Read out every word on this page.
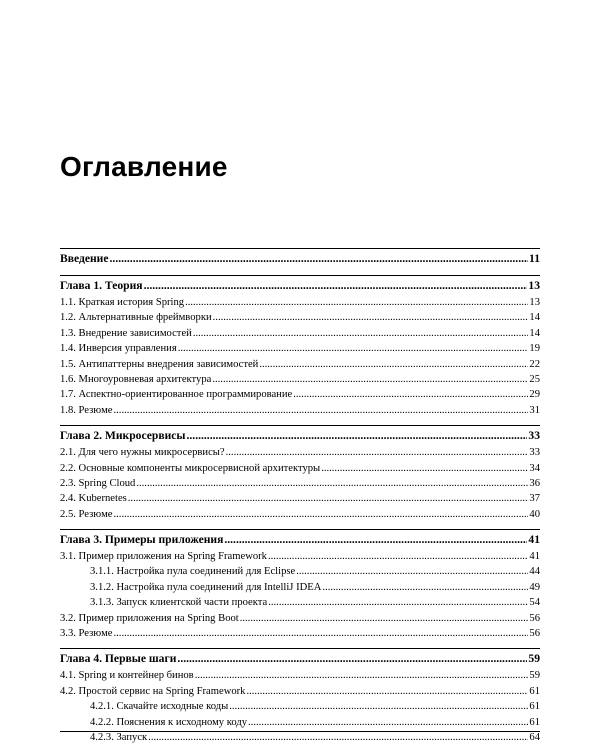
Оглавление
Введение .....	11
Глава 1. Теория .....	13
1.1. Краткая история Spring .....	13
1.2. Альтернативные фреймворки .....	14
1.3. Внедрение зависимостей .....	14
1.4. Инверсия управления .....	19
1.5. Антипаттерны внедрения зависимостей .....	22
1.6. Многоуровневая архитектура .....	25
1.7. Аспектно-ориентированное программирование .....	29
1.8. Резюме .....	31
Глава 2. Микросервисы .....	33
2.1. Для чего нужны микросервисы? .....	33
2.2. Основные компоненты микросервисной архитектуры .....	34
2.3. Spring Cloud .....	36
2.4. Kubernetes .....	37
2.5. Резюме .....	40
Глава 3. Примеры приложения .....	41
3.1. Пример приложения на Spring Framework .....	41
3.1.1. Настройка пула соединений для Eclipse .....	44
3.1.2. Настройка пула соединений для IntelliJ IDEA .....	49
3.1.3. Запуск клиентской части проекта .....	54
3.2. Пример приложения на Spring Boot .....	56
3.3. Резюме .....	56
Глава 4. Первые шаги .....	59
4.1. Spring и контейнер бинов .....	59
4.2. Простой сервис на Spring Framework .....	61
4.2.1. Скачайте исходные коды .....	61
4.2.2. Пояснения к исходному коду .....	61
4.2.3. Запуск .....	64
